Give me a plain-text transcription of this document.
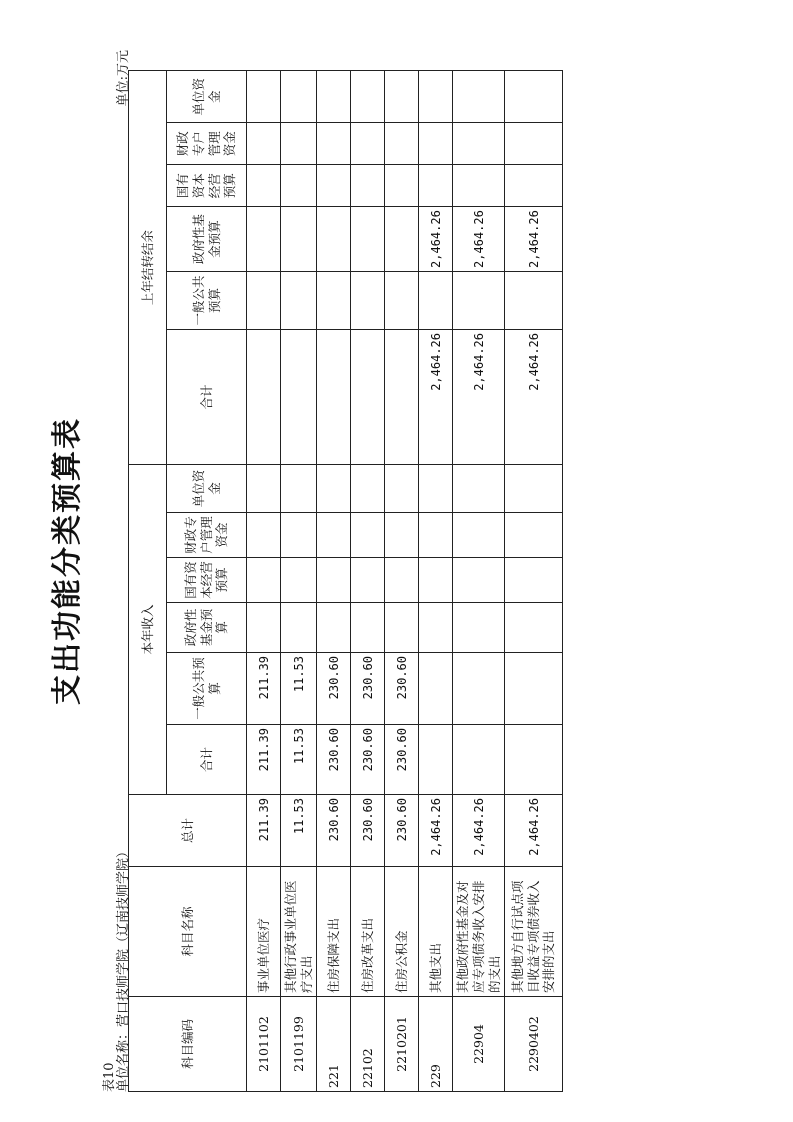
支出功能分类预算表
表10 单位名称：营口技师学院（辽南技师学院）
单位:万元
科目编码	科目名称	总计	本年收入						上年结转结余					
			合计	一般公共预算	政府性基金预算	国有资本经营预算	财政专户管理资金	单位资金	合计	一般公共预算	政府性基金预算	国有资本经营预算	财政专户管理资金	单位资金
2101102	事业单位医疗	211.39	211.39	211.39										
2101199	其他行政事业单位医疗支出	11.53	11.53	11.53										
221	住房保障支出	230.60	230.60	230.60										
22102	住房改革支出	230.60	230.60	230.60										
2210201	住房公积金	230.60	230.60	230.60										
229	其他支出	2,464.26							2,464.26		2,464.26			
22904	其他政府性基金及对应专项债务收入安排的支出	2,464.26							2,464.26		2,464.26			
2290402	其他地方自行试点项目收益专项债券收入安排的支出	2,464.26							2,464.26		2,464.26			
